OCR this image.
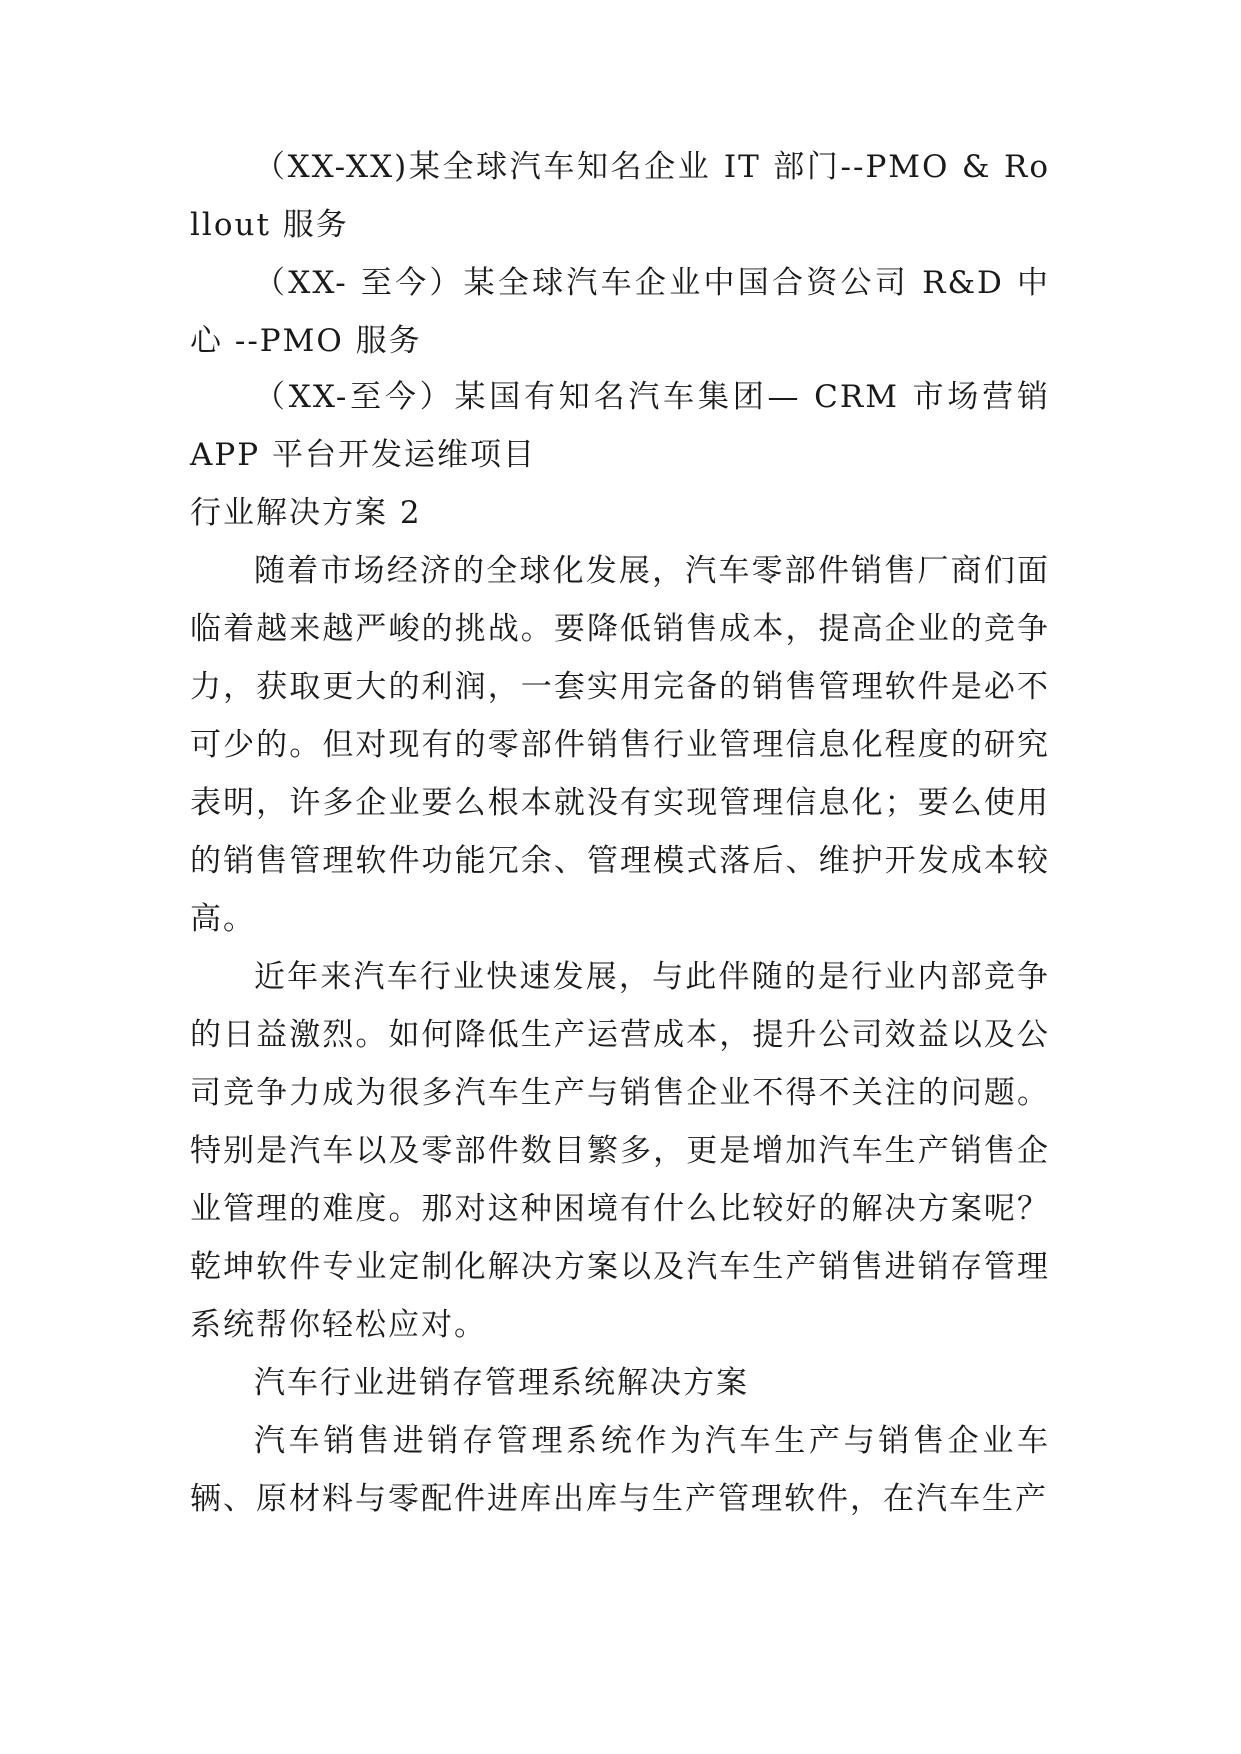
（XX-XX)某全球汽车知名企业 IT 部门--PMO & Rollout 服务
（XX- 至今）某全球汽车企业中国合资公司 R&D 中心 --PMO 服务
（XX-至今）某国有知名汽车集团— CRM 市场营销 APP 平台开发运维项目
行业解决方案 2
随着市场经济的全球化发展，汽车零部件销售厂商们面临着越来越严峻的挑战。要降低销售成本，提高企业的竞争力，获取更大的利润，一套实用完备的销售管理软件是必不可少的。但对现有的零部件销售行业管理信息化程度的研究表明，许多企业要么根本就没有实现管理信息化；要么使用的销售管理软件功能冗余、管理模式落后、维护开发成本较高。
近年来汽车行业快速发展，与此伴随的是行业内部竞争的日益激烈。如何降低生产运营成本，提升公司效益以及公司竞争力成为很多汽车生产与销售企业不得不关注的问题。特别是汽车以及零部件数目繁多，更是增加汽车生产销售企业管理的难度。那对这种困境有什么比较好的解决方案呢？乾坤软件专业定制化解决方案以及汽车生产销售进销存管理系统帮你轻松应对。
汽车行业进销存管理系统解决方案
汽车销售进销存管理系统作为汽车生产与销售企业车辆、原材料与零配件进库出库与生产管理软件，在汽车生产
